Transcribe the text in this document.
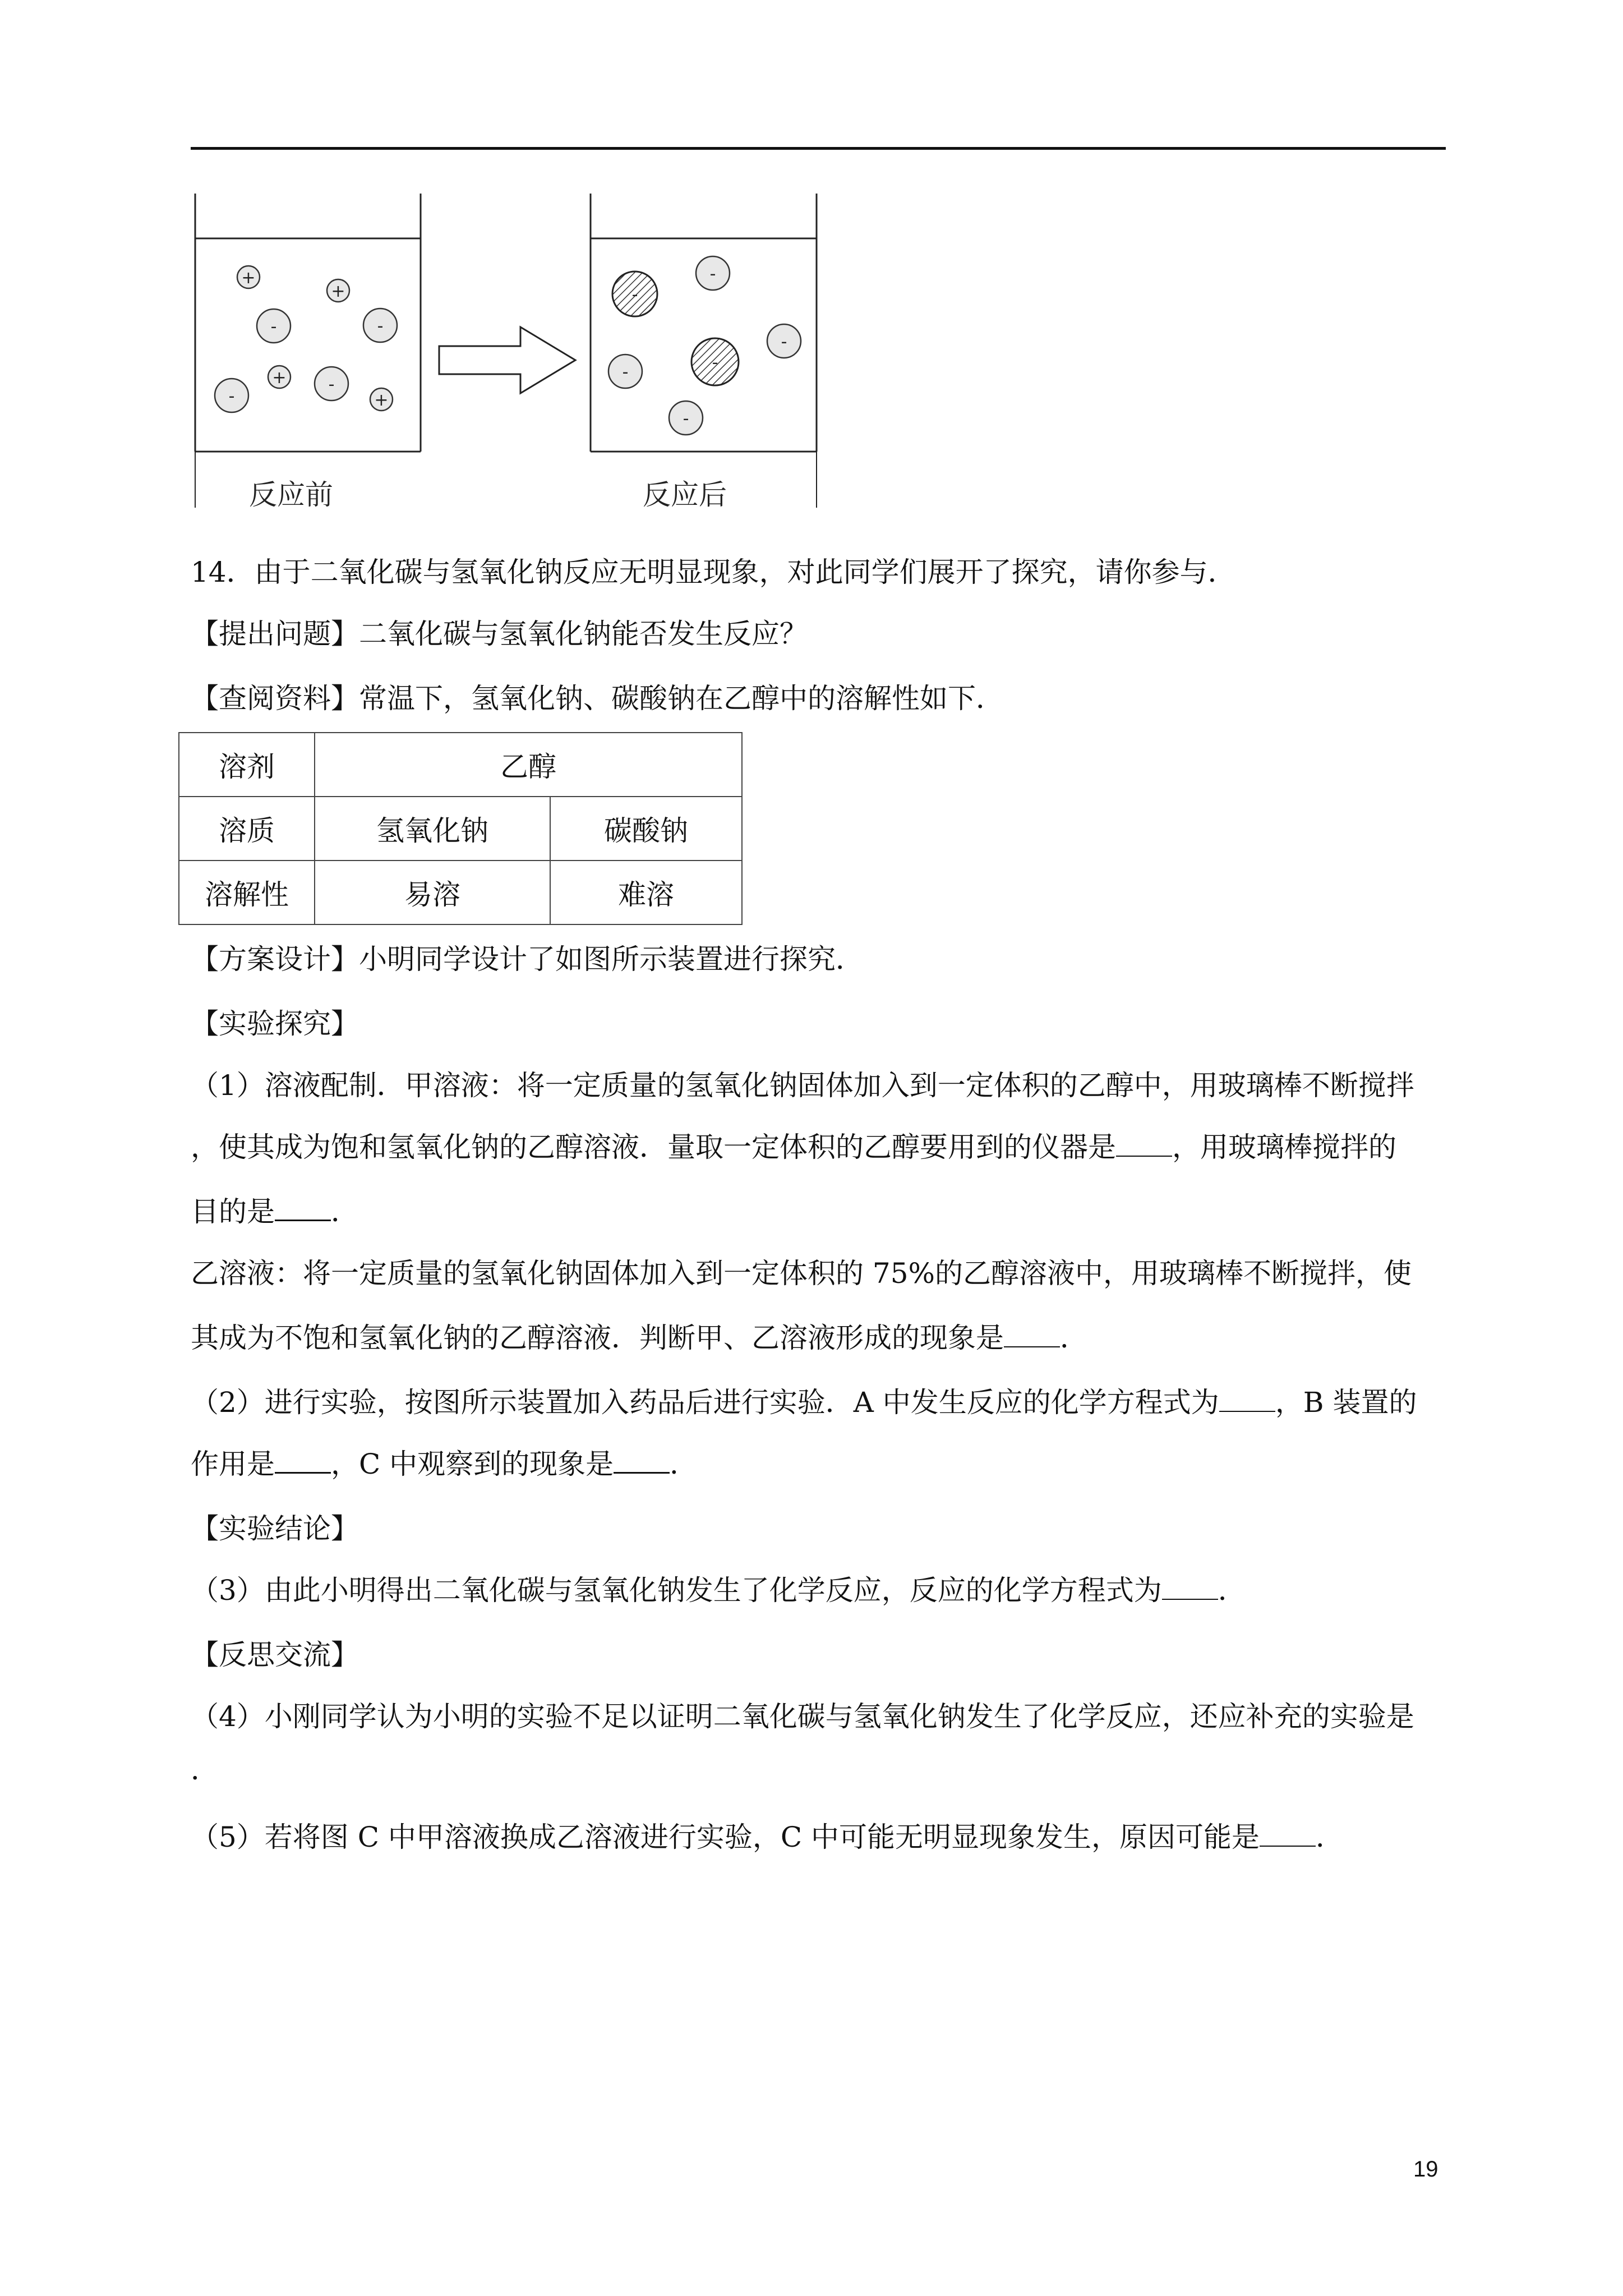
+
+
+
+
-	-
-
-
-
-
-
-
-
-
反应前	反应后
14．由于二氧化碳与氢氧化钠反应无明显现象，对此同学们展开了探究，请你参与．
【提出问题】二氧化碳与氢氧化钠能否发生反应？
【查阅资料】常温下，氢氧化钠、碳酸钠在乙醇中的溶解性如下．
溶剂	乙醇	
溶质	氢氧化钠	碳酸钠
溶解性	易溶	难溶
【方案设计】小明同学设计了如图所示装置进行探究．
【实验探究】
（1）溶液配制．甲溶液：将一定质量的氢氧化钠固体加入到一定体积的乙醇中，用玻璃棒不断搅拌
，使其成为饱和氢氧化钠的乙醇溶液．量取一定体积的乙醇要用到的仪器是 ，用玻璃棒搅拌的
目的是 ．
乙溶液：将一定质量的氢氧化钠固体加入到一定体积的 75%的乙醇溶液中，用玻璃棒不断搅拌，使
其成为不饱和氢氧化钠的乙醇溶液．判断甲、乙溶液形成的现象是 ．
（2）进行实验，按图所示装置加入药品后进行实验．A 中发生反应的化学方程式为 ，B 装置的
作用是 ，C 中观察到的现象是 ．
【实验结论】
（3）由此小明得出二氧化碳与氢氧化钠发生了化学反应，反应的化学方程式为 ．
【反思交流】
（4）小刚同学认为小明的实验不足以证明二氧化碳与氢氧化钠发生了化学反应，还应补充的实验是
．
（5）若将图 C 中甲溶液换成乙溶液进行实验，C 中可能无明显现象发生，原因可能是 ．
19
